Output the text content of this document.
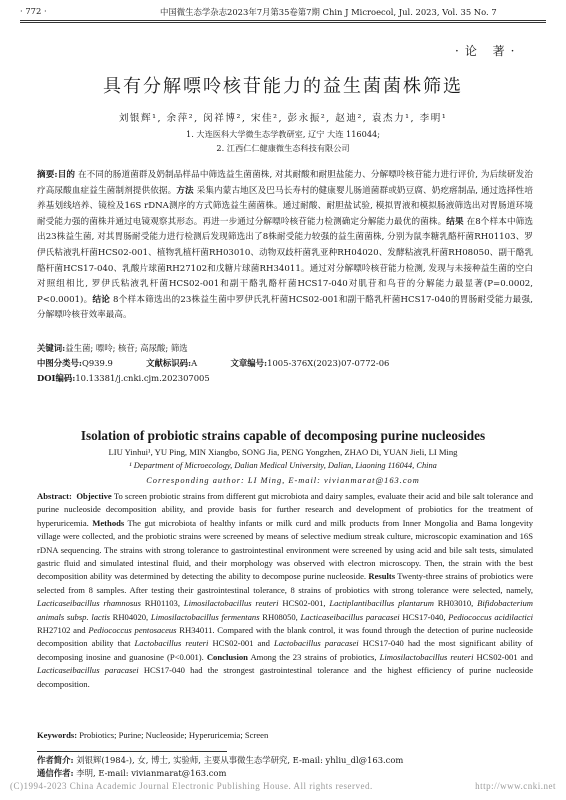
· 772 ·	中国微生态学杂志2023年7月第35卷第7期 Chin J Microecol, Jul. 2023, Vol. 35 No. 7
·论 著·
具有分解嘌呤核苷能力的益生菌菌株筛选
刘银辉¹, 余萍², 闵祥博², 宋佳², 彭永振², 赵迪², 袁杰力¹, 李明¹
1. 大连医科大学微生态学教研室, 辽宁 大连 116044;
2. 江西仁仁健康微生态科技有限公司
摘要:目的 在不同的肠道菌群及奶制品样品中筛选益生菌菌株, 对其耐酸和耐胆盐能力、分解嘌呤核苷能力进行评价, 为后续研发治疗高尿酸血症益生菌制剂提供依据。方法 采集内蒙古地区及巴马长寿村的健康婴儿肠道菌群或奶豆腐、奶疙瘩制品, 通过选择性培养基划线培养、镜检及16S rDNA测序的方式筛选益生菌菌株。通过耐酸、耐胆盐试验, 模拟胃液和模拟肠液筛选出对胃肠道环境耐受能力强的菌株并通过电镜观察其形态。再进一步通过分解嘌呤核苷能力检测确定分解能力最优的菌株。结果 在8个样本中筛选出23株益生菌, 对其胃肠耐受能力进行检测后发现筛选出了8株耐受能力较强的益生菌菌株, 分别为鼠李糖乳酪杆菌RH01103、罗伊氏粘液乳杆菌HCS02-001、植物乳植杆菌RH03010、动物双歧杆菌乳亚种RH04020、发酵粘液乳杆菌RH08050、副干酪乳酪杆菌HCS17-040、乳酸片球菌RH27102和戊糖片球菌RH34011。通过对分解嘌呤核苷能力检测, 发现与未接种益生菌的空白对照组相比, 罗伊氏粘液乳杆菌HCS02-001和副干酪乳酪杆菌HCS17-040对肌苷和鸟苷的分解能力最显著(P=0.0002, P<0.0001)。结论 8个样本筛选出的23株益生菌中罗伊氏乳杆菌HCS02-001和副干酪乳杆菌HCS17-040的胃肠耐受能力最强, 分解嘌呤核苷效率最高。
关键词:益生菌; 嘌呤; 核苷; 高尿酸; 筛选
中图分类号:Q939.9	文献标识码:A	文章编号:1005-376X(2023)07-0772-06
DOI编码:10.13381/j.cnki.cjm.202307005
Isolation of probiotic strains capable of decomposing purine nucleosides
LIU Yinhui¹, YU Ping, MIN Xiangbo, SONG Jia, PENG Yongzhen, ZHAO Di, YUAN Jieli, LI Ming
¹ Department of Microecology, Dalian Medical University, Dalian, Liaoning 116044, China
Corresponding author: LI Ming, E-mail: vivianmarat@163.com
Abstract: Objective To screen probiotic strains from different gut microbiota and dairy samples, evaluate their acid and bile salt tolerance and purine nucleoside decomposition ability, and provide basis for further research and development of probiotics for the treatment of hyperuricemia. Methods The gut microbiota of healthy infants or milk curd and milk products from Inner Mongolia and Bama longevity village were collected, and the probiotic strains were screened by means of selective medium streak culture, microscopic examination and 16S rDNA sequencing. The strains with strong tolerance to gastrointestinal environment were screened by using acid and bile salt tests, simulated gastric fluid and simulated intestinal fluid, and their morphology was observed with electron microscopy. Then, the strain with the best decomposition ability was determined by detecting the ability to decompose purine nucleoside. Results Twenty-three strains of probiotics were selected from 8 samples. After testing their gastrointestinal tolerance, 8 strains of probiotics with strong tolerance were selected, namely, Lacticaseibacillus rhamnosus RH01103, Limosilactobacillus reuteri HCS02-001, Lactiplantibacillus plantarum RH03010, Bifidobacterium animals subsp. lactis RH04020, Limosilactobacillus fermentans RH08050, Lacticaseibacillus paracasei HCS17-040, Pediococcus acidilactici RH27102 and Pediococcus pentosaceus RH34011. Compared with the blank control, it was found through the detection of purine nucleoside decomposition ability that Lactobacillus reuteri HCS02-001 and Lactobacillus paracasei HCS17-040 had the most significant ability of decomposing inosine and guanosine (P<0.001). Conclusion Among the 23 strains of probiotics, Limosilactobacillus reuteri HCS02-001 and Lacticaseibacillus paracasei HCS17-040 had the strongest gastrointestinal tolerance and the highest efficiency of purine nucleoside decomposition.
Keywords: Probiotics; Purine; Nucleoside; Hyperuricemia; Screen
作者简介: 刘银辉(1984-), 女, 博士, 实验师, 主要从事微生态学研究, E-mail: yhliu_dl@163.com
通信作者: 李明, E-mail: vivianmarat@163.com
(C)1994-2023 China Academic Journal Electronic Publishing House. All rights reserved.	http://www.cnki.net
